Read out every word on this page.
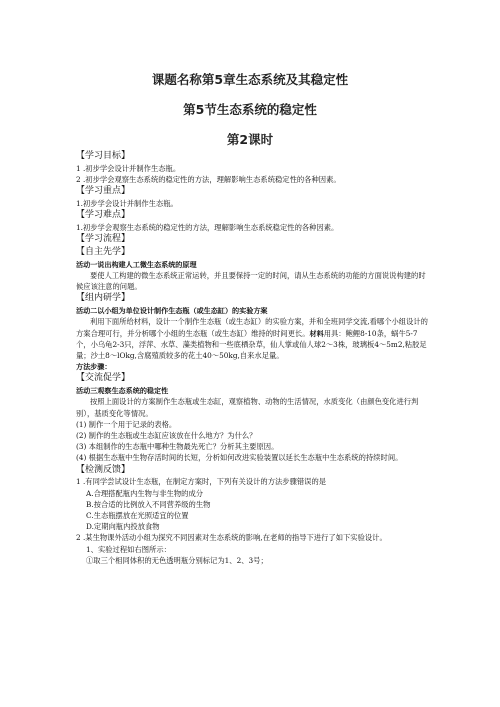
课题名称第5章生态系统及其稳定性
第5节生态系统的稳定性
第2课时
【学习目标】
1 .初步学会设计并制作生态瓶。
2 .初步学会观察生态系统的稳定性的方法，理解影响生态系统稳定性的各种因素。
【学习重点】
1.初步学会设计并制作生态瓶。
【学习难点】
1.初步学会观察生态系统的稳定性的方法，理解影响生态系统稳定性的各种因素。
【学习流程】
【自主先学】
活动一说出构建人工微生态系统的原理
要使人工构建的微生态系统正常运转，并且要保持一定的时间，请从生态系统的功能的方面说说构建的时候应该注意的问题。
【组内研学】
活动二以小组为单位设计制作生态瓶（或生态缸）的实验方案
利用下面所给材料，设计一个制作生态瓶（或生态缸）的实验方案，并和全班同学交流,看哪个小组设计的方案合理可行，并分析哪个小组的生态瓶（或生态缸）维持的时间更长。材料用具：鲍鲤8-10条，蜗牛5-7个，小乌龟2-3只，浮萍、水草、藻类植物和一些底栖杂草，仙人掌或仙人球2〜3株，玻璃板4〜5m2,粘胶足量；沙土8〜lOkg,含腐殖质较多的花土40〜50kg,自来水足量。
方法步骤：
【交流促学】
活动三观察生态系统的稳定性
按照上面设计的方案制作生态瓶或生态缸，观察植物、动物的生活情况，水质变化（由颜色变化进行判别），基质变化等情况。
(1) 制作一个用于记录的表格。
(2) 制作的生态瓶或生态缸应该放在什么地方？为什么？
(3) 本组制作的生态瓶中哪种生物最先死亡？分析其主要原因。
(4) 根据生态瓶中生物存活时间的长短，分析如何改进实验装置以延长生态瓶中生态系统的持续时间。
【检测反馈】
1 .有同学尝试设计生态瓶，在制定方案时，下列有关设计的方法步骤错误的是
A.合理搭配瓶内生物与非生物的成分
B.按合适的比例放入不同营养级的生物
C.生态瓶摆放在光照适宜的位置
D.定期向瓶内投放食物
2 .某生物课外活动小组为探究不同因素对生态系统的影响,在老师的指导下进行了如下实验设计。
1、实验过程如右图所示：
①取三个相同体积的无色透明瓶分别标记为1、2、3号；
